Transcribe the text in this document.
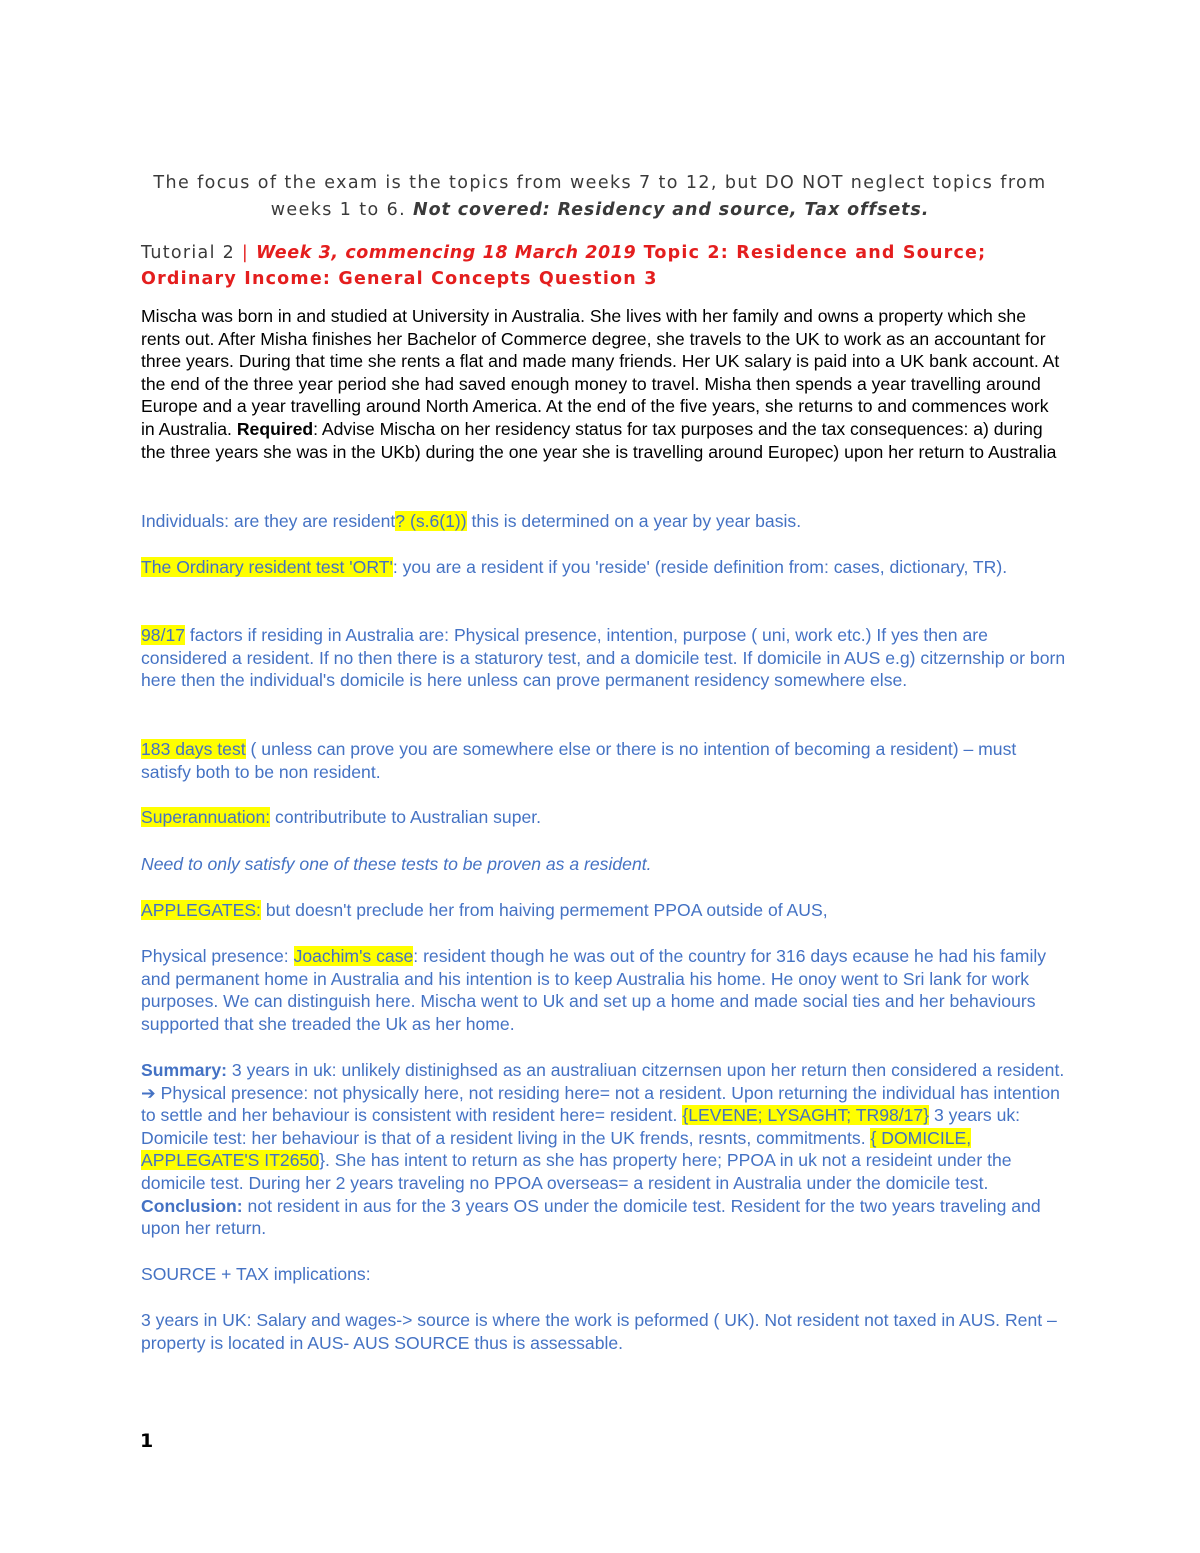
The focus of the exam is the topics from weeks 7 to 12, but DO NOT neglect topics from
weeks 1 to 6. Not covered: Residency and source, Tax offsets.
Tutorial 2 | Week 3, commencing 18 March 2019 Topic 2: Residence and Source; Ordinary Income: General Concepts Question 3

Mischa was born in and studied at University in Australia. She lives with her family and owns a property which she rents out. After Misha finishes her Bachelor of Commerce degree, she travels to the UK to work as an accountant for three years. During that time she rents a flat and made many friends. Her UK salary is paid into a UK bank account. At the end of the three year period she had saved enough money to travel. Misha then spends a year travelling around Europe and a year travelling around North America. At the end of the five years, she returns to and commences work in Australia. Required: Advise Mischa on her residency status for tax purposes and the tax consequences: a) during the three years she was in the UKb) during the one year she is travelling around Europec) upon her return to Australia

Individuals: are they are resident? (s.6(1)) this is determined on a year by year basis.

The Ordinary resident test 'ORT': you are a resident if you 'reside' (reside definition from: cases, dictionary, TR).

98/17 factors if residing in Australia are: Physical presence, intention, purpose ( uni, work etc.) If yes then are considered a resident. If no then there is a staturory test, and a domicile test. If domicile in AUS e.g) citzernship or born here then the individual's domicile is here unless can prove permanent residency somewhere else.

183 days test ( unless can prove you are somewhere else or there is no intention of becoming a resident) – must satisfy both to be non resident.

Superannuation: contributribute to Australian super.

Need to only satisfy one of these tests to be proven as a resident.

APPLEGATES: but doesn't preclude her from haiving permement PPOA outside of AUS,

Physical presence: Joachim's case: resident though he was out of the country for 316 days ecause he had his family and permanent home in Australia and his intention is to keep Australia his home. He onoy went to Sri lank for work purposes. We can distinguish here. Mischa went to Uk and set up a home and made social ties and her behaviours supported that she treaded the Uk as her home.

Summary: 3 years in uk: unlikely distinighsed as an australiuan citzernsen upon her return then considered a resident. ➔ Physical presence: not physically here, not residing here= not a resident. Upon returning the individual has intention to settle and her behaviour is consistent with resident here= resident. {LEVENE; LYSAGHT; TR98/17} 3 years uk: Domicile test: her behaviour is that of a resident living in the UK frends, resnts, commitments. { DOMICILE, APPLEGATE'S IT2650}. She has intent to return as she has property here; PPOA in uk not a resideint under the domicile test. During her 2 years traveling no PPOA overseas= a resident in Australia under the domicile test. Conclusion: not resident in aus for the 3 years OS under the domicile test. Resident for the two years traveling and upon her return.

SOURCE + TAX implications:

3 years in UK: Salary and wages-> source is where the work is peformed ( UK). Not resident not taxed in AUS. Rent – property is located in AUS- AUS SOURCE thus is assessable.

1
